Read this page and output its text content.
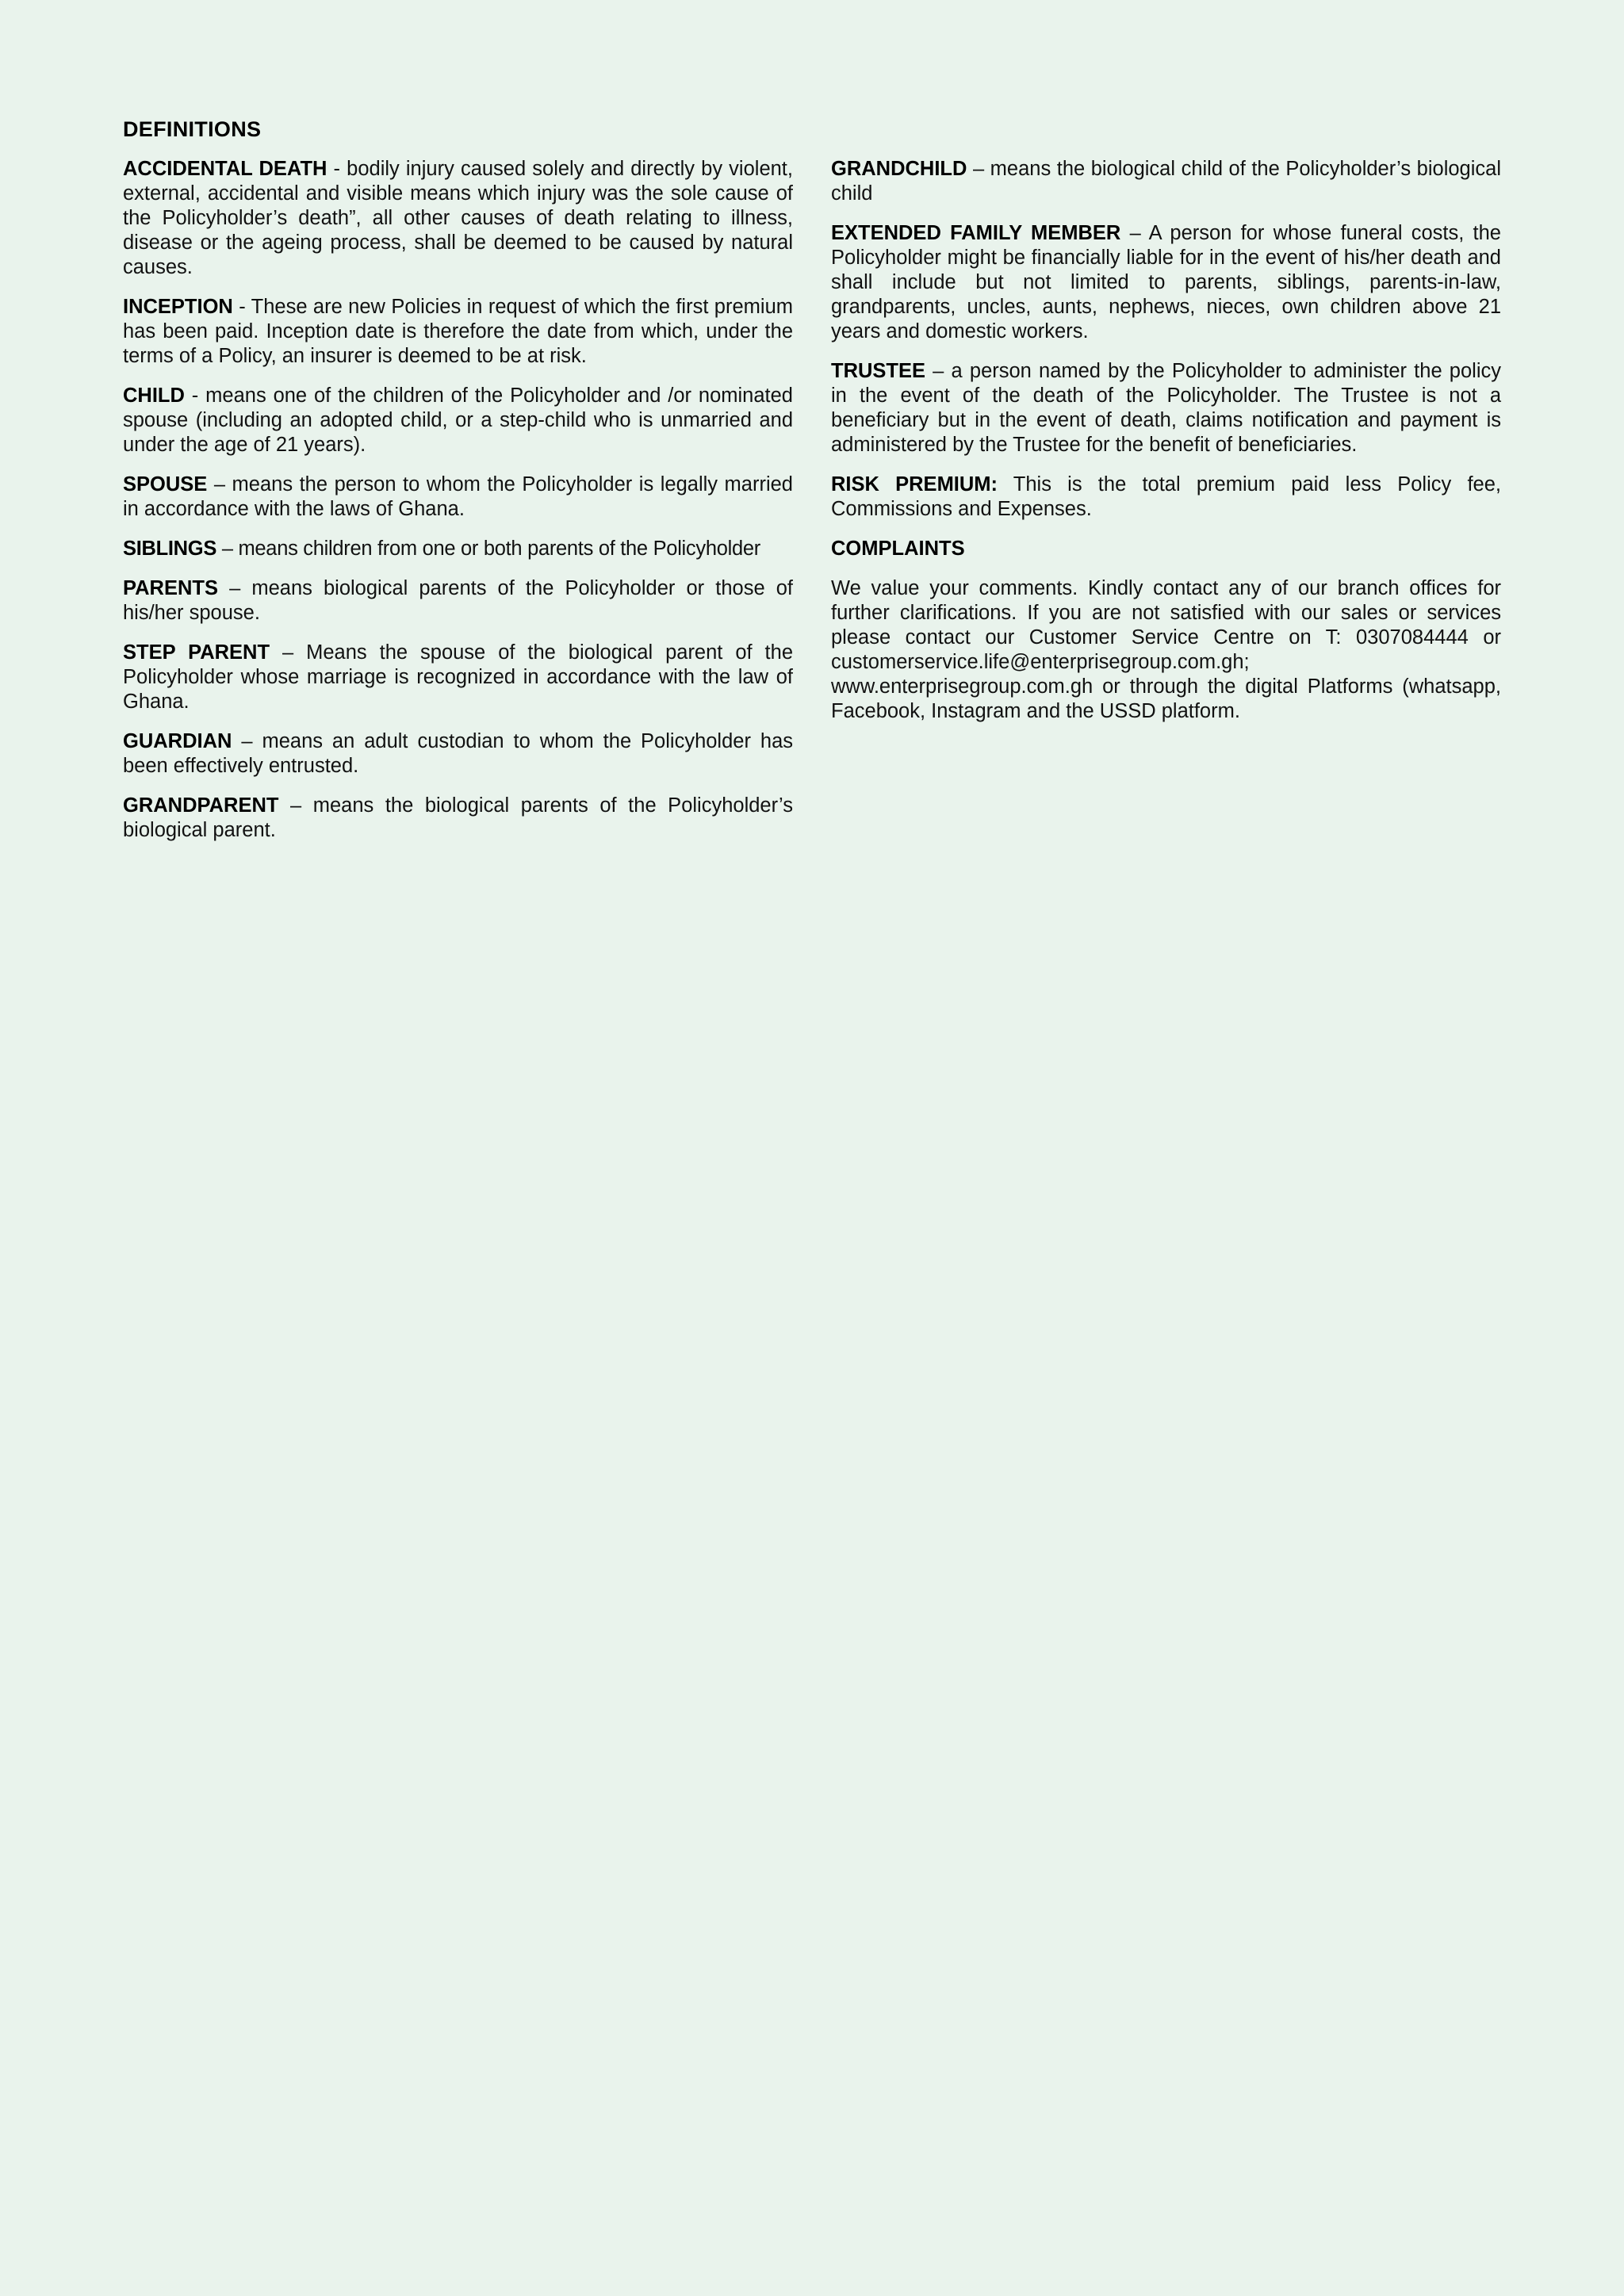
DEFINITIONS

ACCIDENTAL DEATH - bodily injury caused solely and directly by violent, external, accidental and visible means which injury was the sole cause of the Policyholder’s death”, all other causes of death relating to illness, disease or the ageing process, shall be deemed to be caused by natural causes.

INCEPTION - These are new Policies in request of which the first premium has been paid. Inception date is therefore the date from which, under the terms of a Policy, an insurer is deemed to be at risk.

CHILD - means one of the children of the Policyholder and /or nominated spouse (including an adopted child, or a step-child who is unmarried and under the age of 21 years).

SPOUSE – means the person to whom the Policyholder is legally married in accordance with the laws of Ghana.

SIBLINGS – means children from one or both parents of the Policyholder

PARENTS – means biological parents of the Policyholder or those of his/her spouse.

STEP PARENT – Means the spouse of the biological parent of the Policyholder whose marriage is recognized in accordance with the law of Ghana.

GUARDIAN – means an adult custodian to whom the Policyholder has been effectively entrusted.

GRANDPARENT – means the biological parents of the Policyholder’s biological parent.

GRANDCHILD – means the biological child of the Policyholder’s biological child

EXTENDED FAMILY MEMBER – A person for whose funeral costs, the Policyholder might be financially liable for in the event of his/her death and shall include but not limited to parents, siblings, parents-in-law, grandparents, uncles, aunts, nephews, nieces, own children above 21 years and domestic workers.

TRUSTEE – a person named by the Policyholder to administer the policy in the event of the death of the Policyholder. The Trustee is not a beneficiary but in the event of death, claims notification and payment is administered by the Trustee for the benefit of beneficiaries.

RISK PREMIUM: This is the total premium paid less Policy fee, Commissions and Expenses.

COMPLAINTS

We value your comments. Kindly contact any of our branch offices for further clarifications. If you are not satisfied with our sales or services please contact our Customer Service Centre on T: 0307084444 or customerservice.life@enterprisegroup.com.gh; www.enterprisegroup.com.gh or through the digital Platforms (whatsapp, Facebook, Instagram and the USSD platform.
